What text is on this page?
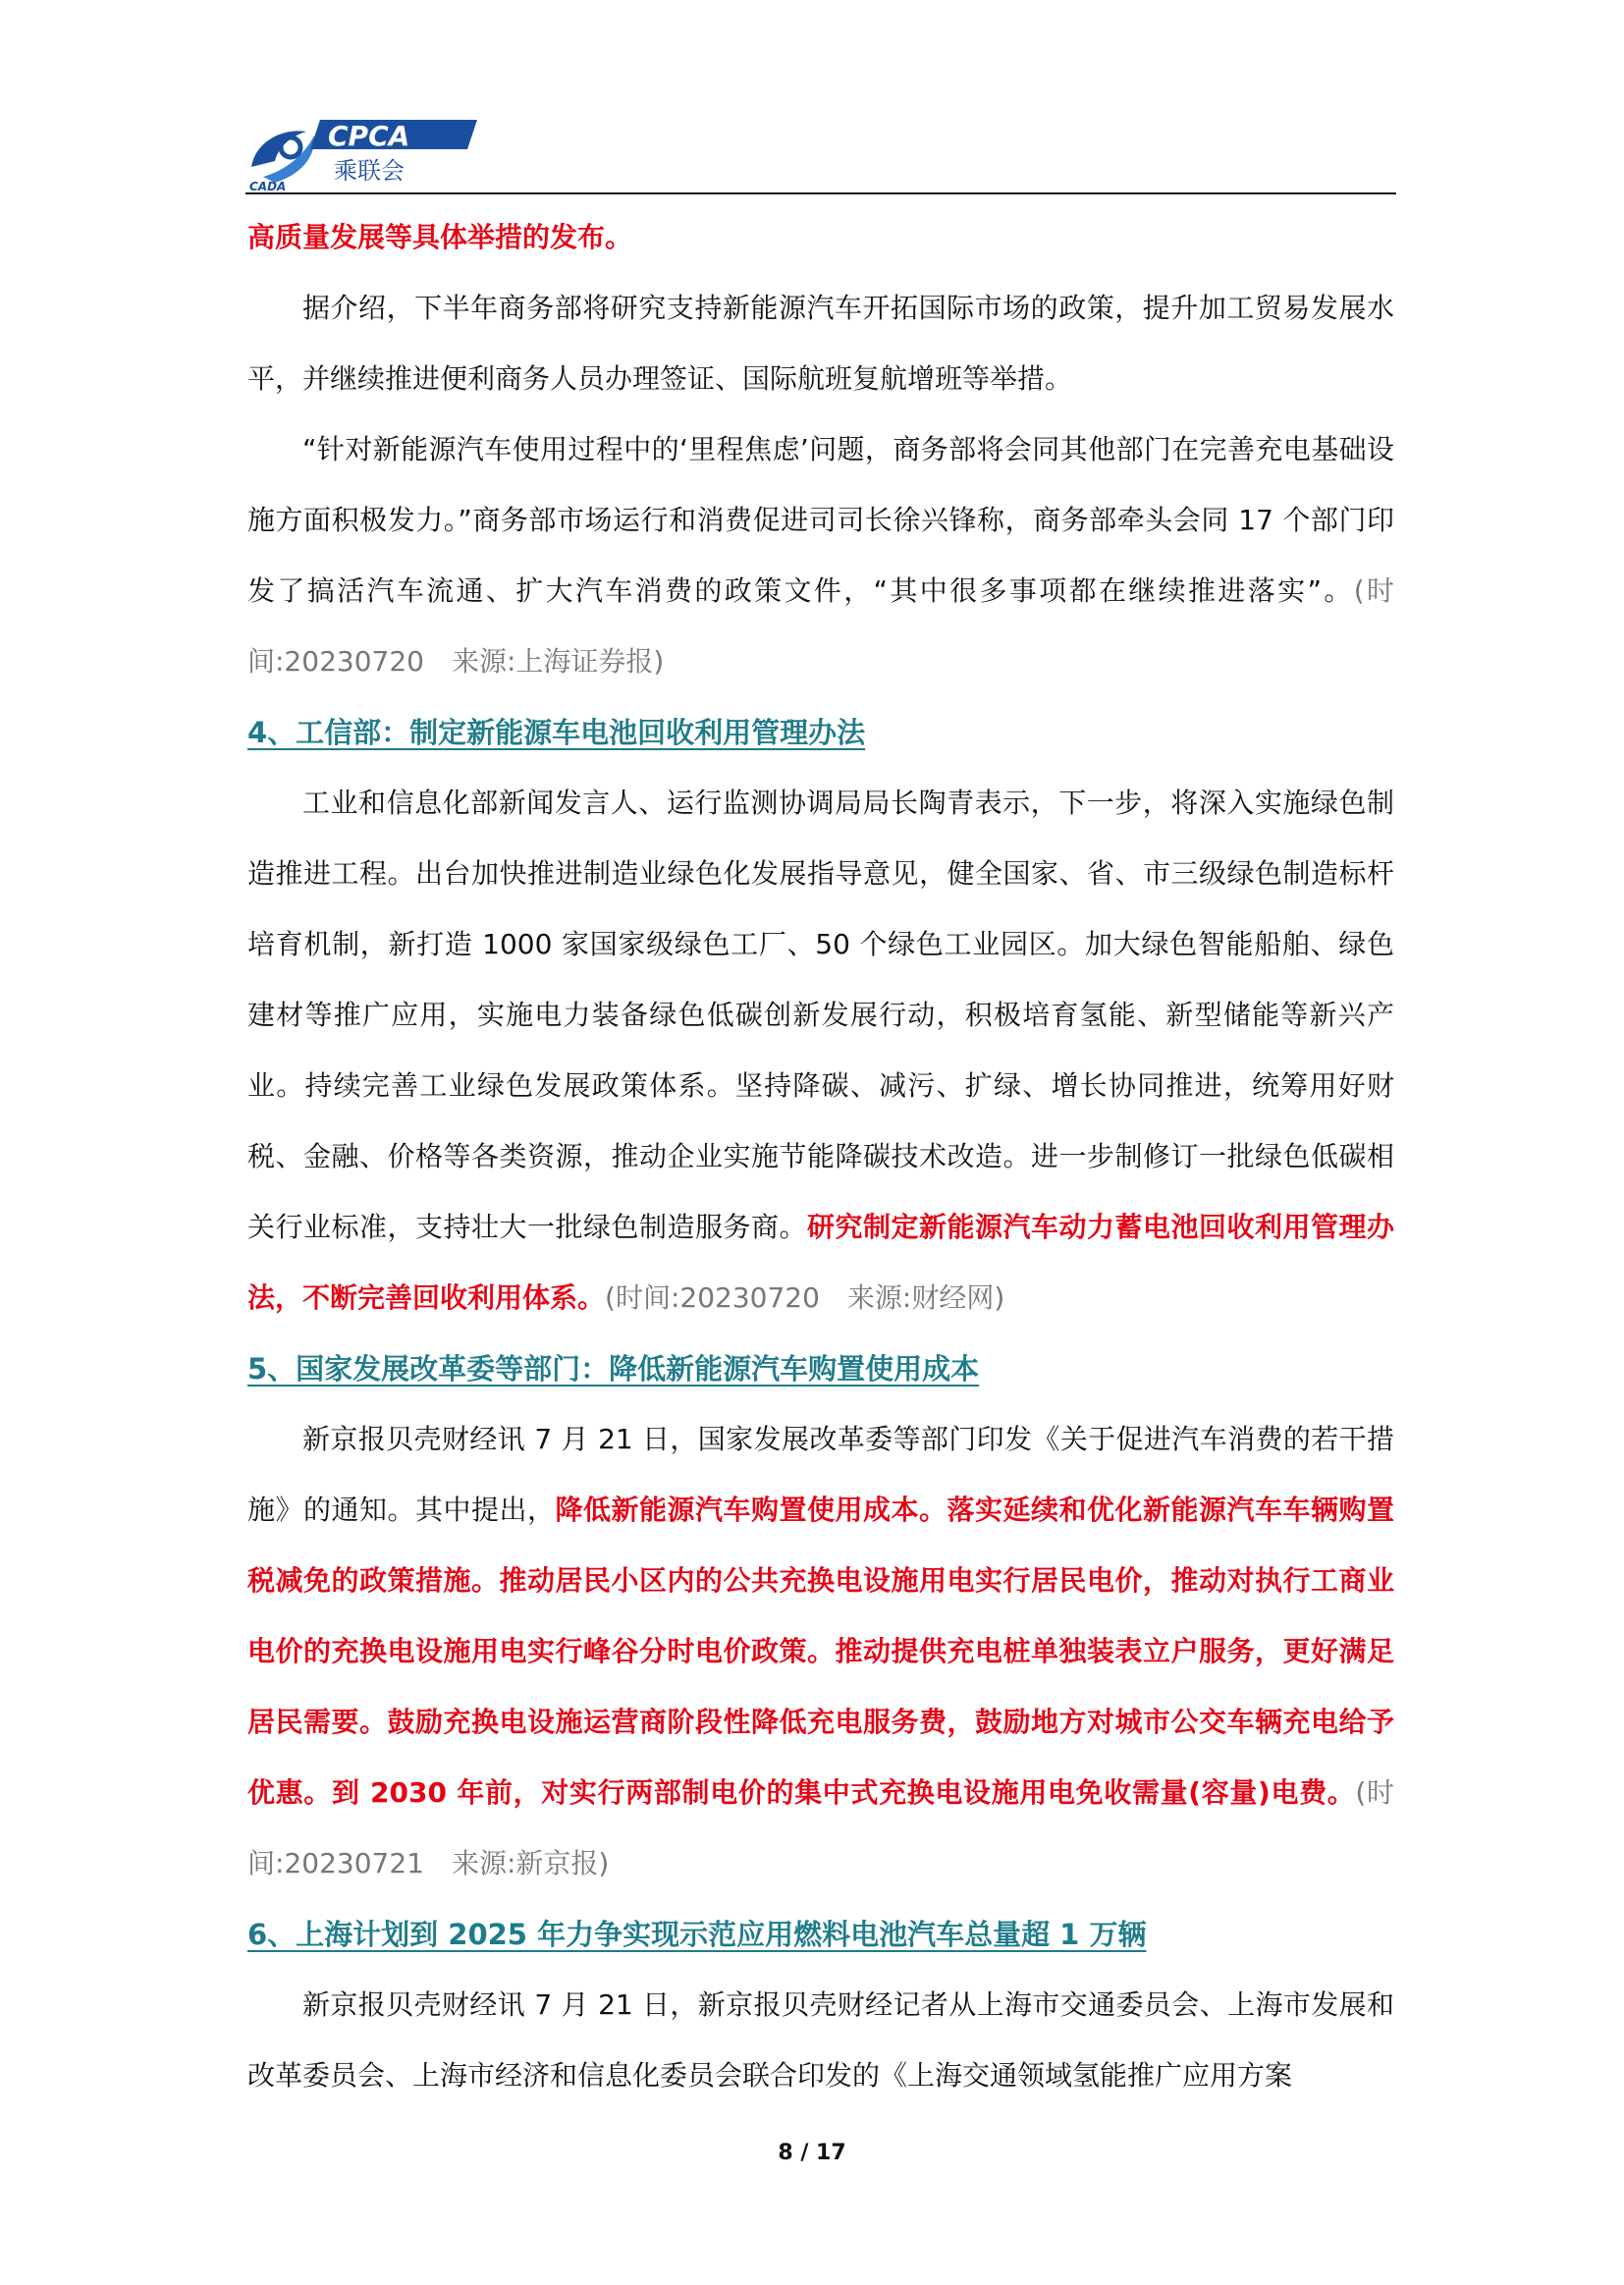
CADA
CPCA
乘联会

高质量发展等具体举措的发布。

据介绍，下半年商务部将研究支持新能源汽车开拓国际市场的政策，提升加工贸易发展水平，并继续推进便利商务人员办理签证、国际航班复航增班等举措。

“针对新能源汽车使用过程中的‘里程焦虑’问题，商务部将会同其他部门在完善充电基础设施方面积极发力。”商务部市场运行和消费促进司司长徐兴锋称，商务部牵头会同 17 个部门印发了搞活汽车流通、扩大汽车消费的政策文件，“其中很多事项都在继续推进落实”。(时间:20230720　来源:上海证券报)

4、工信部：制定新能源车电池回收利用管理办法

工业和信息化部新闻发言人、运行监测协调局局长陶青表示，下一步，将深入实施绿色制造推进工程。出台加快推进制造业绿色化发展指导意见，健全国家、省、市三级绿色制造标杆培育机制，新打造 1000 家国家级绿色工厂、50 个绿色工业园区。加大绿色智能船舶、绿色建材等推广应用，实施电力装备绿色低碳创新发展行动，积极培育氢能、新型储能等新兴产业。持续完善工业绿色发展政策体系。坚持降碳、减污、扩绿、增长协同推进，统筹用好财税、金融、价格等各类资源，推动企业实施节能降碳技术改造。进一步制修订一批绿色低碳相关行业标准，支持壮大一批绿色制造服务商。研究制定新能源汽车动力蓄电池回收利用管理办法，不断完善回收利用体系。(时间:20230720　来源:财经网)

5、国家发展改革委等部门：降低新能源汽车购置使用成本

新京报贝壳财经讯 7 月 21 日，国家发展改革委等部门印发《关于促进汽车消费的若干措施》的通知。其中提出，降低新能源汽车购置使用成本。落实延续和优化新能源汽车车辆购置税减免的政策措施。推动居民小区内的公共充换电设施用电实行居民电价，推动对执行工商业电价的充换电设施用电实行峰谷分时电价政策。推动提供充电桩单独装表立户服务，更好满足居民需要。鼓励充换电设施运营商阶段性降低充电服务费，鼓励地方对城市公交车辆充电给予优惠。到 2030 年前，对实行两部制电价的集中式充换电设施用电免收需量(容量)电费。(时间:20230721　来源:新京报)

6、上海计划到 2025 年力争实现示范应用燃料电池汽车总量超 1 万辆

新京报贝壳财经讯 7 月 21 日，新京报贝壳财经记者从上海市交通委员会、上海市发展和改革委员会、上海市经济和信息化委员会联合印发的《上海交通领域氢能推广应用方案

8 / 17
